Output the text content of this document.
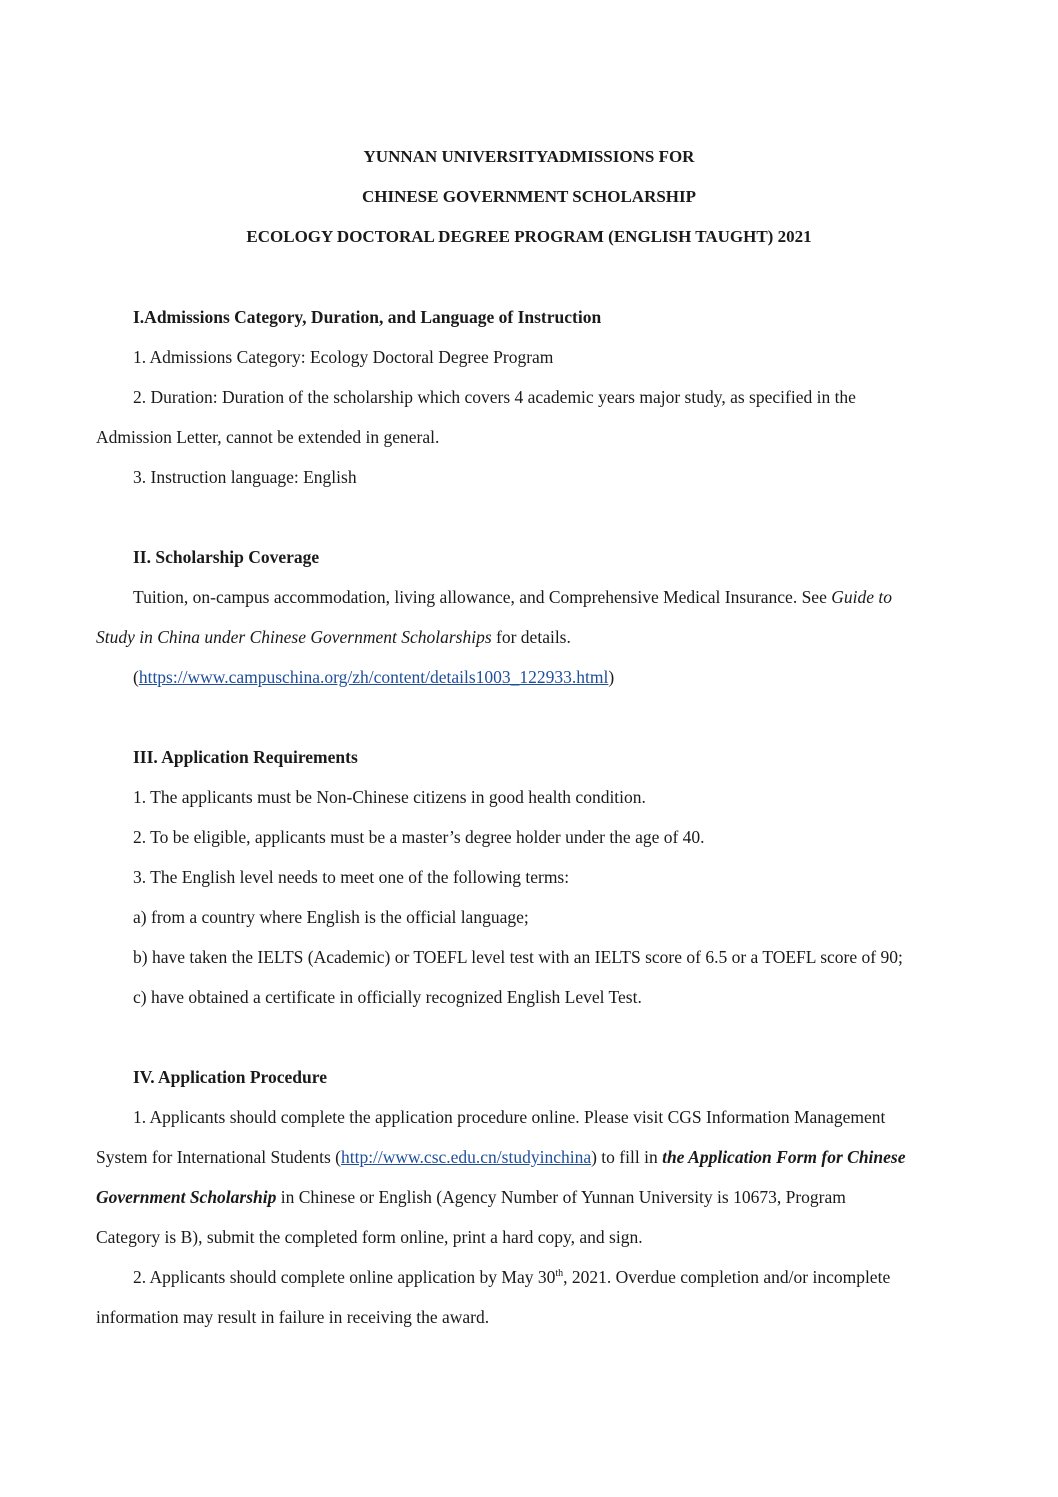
YUNNAN UNIVERSITYADMISSIONS FOR
CHINESE GOVERNMENT SCHOLARSHIP
ECOLOGY DOCTORAL DEGREE PROGRAM (ENGLISH TAUGHT) 2021
I.Admissions Category, Duration, and Language of Instruction
1. Admissions Category: Ecology Doctoral Degree Program
2. Duration: Duration of the scholarship which covers 4 academic years major study, as specified in the
Admission Letter, cannot be extended in general.
3. Instruction language: English
II. Scholarship Coverage
Tuition, on-campus accommodation, living allowance, and Comprehensive Medical Insurance. See Guide to
Study in China under Chinese Government Scholarships for details.
(https://www.campuschina.org/zh/content/details1003_122933.html)
III. Application Requirements
1. The applicants must be Non-Chinese citizens in good health condition.
2. To be eligible, applicants must be a master’s degree holder under the age of 40.
3. The English level needs to meet one of the following terms:
a) from a country where English is the official language;
b) have taken the IELTS (Academic) or TOEFL level test with an IELTS score of 6.5 or a TOEFL score of 90;
c) have obtained a certificate in officially recognized English Level Test.
IV. Application Procedure
1. Applicants should complete the application procedure online. Please visit CGS Information Management
System for International Students (http://www.csc.edu.cn/studyinchina) to fill in the Application Form for Chinese
Government Scholarship in Chinese or English (Agency Number of Yunnan University is 10673, Program
Category is B), submit the completed form online, print a hard copy, and sign.
2. Applicants should complete online application by May 30th, 2021. Overdue completion and/or incomplete
information may result in failure in receiving the award.
